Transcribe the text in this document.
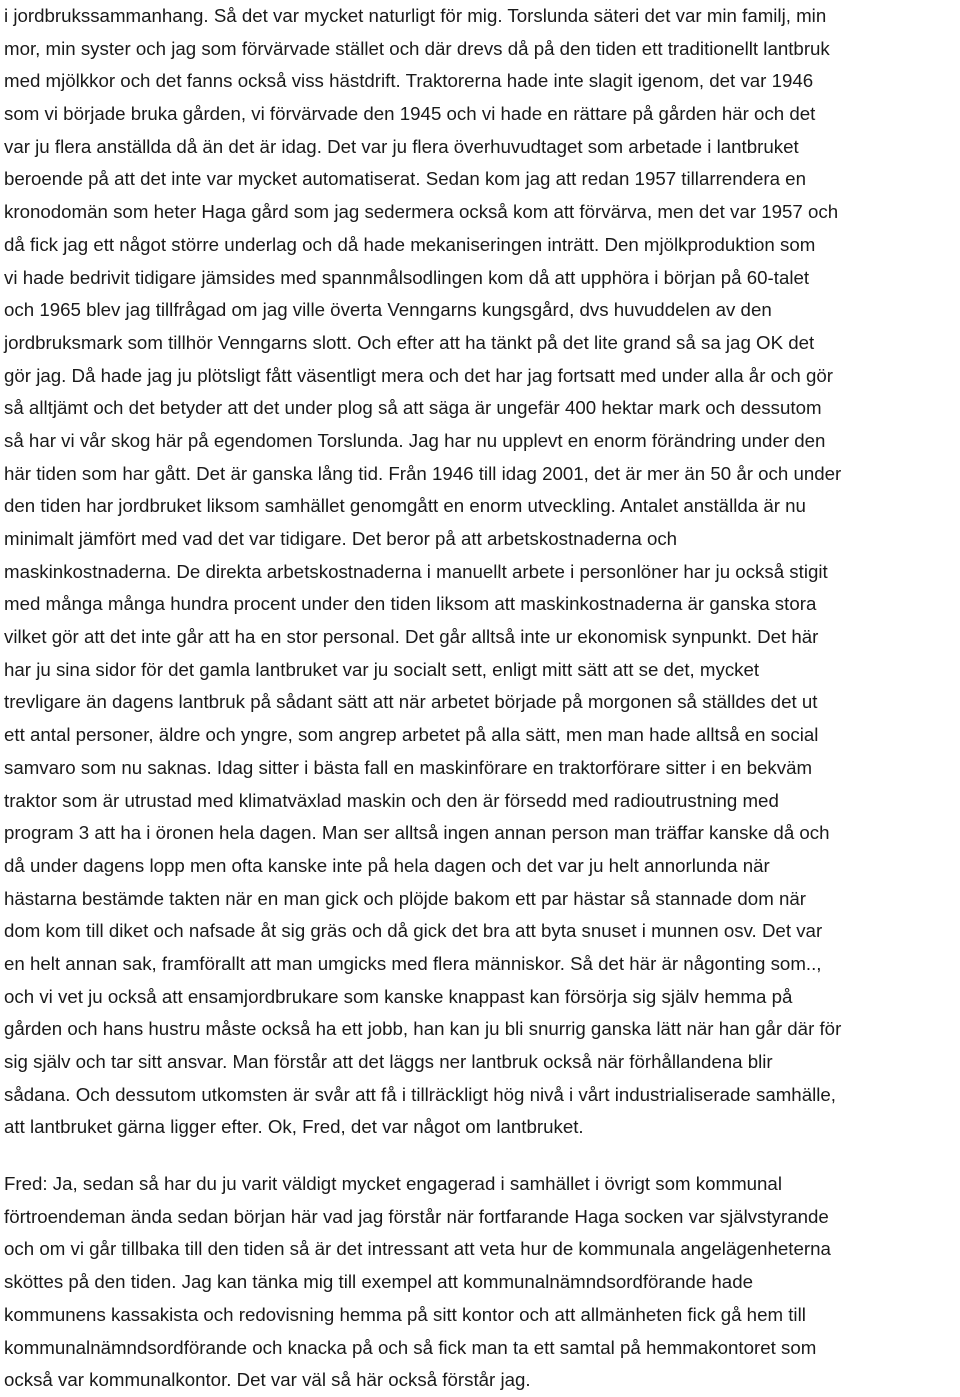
i jordbrukssammanhang. Så det var mycket naturligt för mig. Torslunda säteri det var min familj, min
mor, min syster och jag som förvärvade stället och där drevs då på den tiden ett traditionellt lantbruk
med mjölkkor och det fanns också viss hästdrift. Traktorerna hade inte slagit igenom, det var 1946
som vi började bruka gården, vi förvärvade den 1945 och vi hade en rättare på gården här och det
var ju flera anställda då än det är idag. Det var ju flera överhuvudtaget som arbetade i lantbruket
beroende på att det inte var mycket automatiserat. Sedan kom jag att redan 1957 tillarrendera en
kronodomän som heter Haga gård som jag sedermera också kom att förvärva, men det var 1957 och
då fick jag ett något större underlag och då hade mekaniseringen inträtt. Den mjölkproduktion som
vi hade bedrivit tidigare jämsides med spannmålsodlingen kom då att upphöra i början på 60-talet
och 1965 blev jag tillfrågad om jag ville överta Venngarns kungsgård, dvs huvuddelen av den
jordbruksmark som tillhör Venngarns slott. Och efter att ha tänkt på det lite grand så sa jag OK det
gör jag. Då hade jag ju plötsligt fått väsentligt mera och det har jag fortsatt med under alla år och gör
så alltjämt och det betyder att det under plog så att säga är ungefär 400 hektar mark och dessutom
så har vi vår skog här på egendomen Torslunda. Jag har nu upplevt en enorm förändring under den
här tiden som har gått. Det är ganska lång tid. Från 1946 till idag 2001, det är mer än 50 år och under
den tiden har jordbruket liksom samhället genomgått en enorm utveckling. Antalet anställda är nu
minimalt jämfört med vad det var tidigare. Det beror på att arbetskostnaderna och
maskinkostnaderna. De direkta arbetskostnaderna i manuellt arbete i personlöner har ju också stigit
med många många hundra procent under den tiden liksom att maskinkostnaderna är ganska stora
vilket gör att det inte går att ha en stor personal. Det går alltså inte ur ekonomisk synpunkt. Det här
har ju sina sidor för det gamla lantbruket var ju socialt sett, enligt mitt sätt att se det, mycket
trevligare än dagens lantbruk på sådant sätt att när arbetet började på morgonen så ställdes det ut
ett antal personer, äldre och yngre, som angrep arbetet på alla sätt, men man hade alltså en social
samvaro som nu saknas. Idag sitter i bästa fall en maskinförare en traktorförare sitter i en bekväm
traktor som är utrustad med klimatväxlad maskin och den är försedd med radioutrustning med
program 3 att ha i öronen hela dagen. Man ser alltså ingen annan person man träffar kanske då och
då under dagens lopp men ofta kanske inte på hela dagen och det var ju helt annorlunda när
hästarna bestämde takten när en man gick och plöjde bakom ett par hästar så stannade dom när
dom kom till diket och nafsade åt sig gräs och då gick det bra att byta snuset i munnen osv. Det var
en helt annan sak, framförallt att man umgicks med flera människor. Så det här är någonting som..,
och vi vet ju också att ensamjordbrukare som kanske knappast kan försörja sig själv hemma på
gården och hans hustru måste också ha ett jobb, han kan ju bli snurrig ganska lätt när han går där för
sig själv och tar sitt ansvar. Man förstår att det läggs ner lantbruk också när förhållandena blir
sådana. Och dessutom utkomsten är svår att få i tillräckligt hög nivå i vårt industrialiserade samhälle,
att lantbruket gärna ligger efter. Ok, Fred, det var något om lantbruket.
Fred: Ja, sedan så har du ju varit väldigt mycket engagerad i samhället i övrigt som kommunal
förtroendeman ända sedan början här vad jag förstår när fortfarande Haga socken var självstyrande
och om vi går tillbaka till den tiden så är det intressant att veta hur de kommunala angelägenheterna
sköttes på den tiden. Jag kan tänka mig till exempel att kommunalnämndsordförande hade
kommunens kassakista och redovisning hemma på sitt kontor och att allmänheten fick gå hem till
kommunalnämndsordförande och knacka på och så fick man ta ett samtal på hemmakontoret som
också var kommunalkontor. Det var väl så här också förstår jag.
